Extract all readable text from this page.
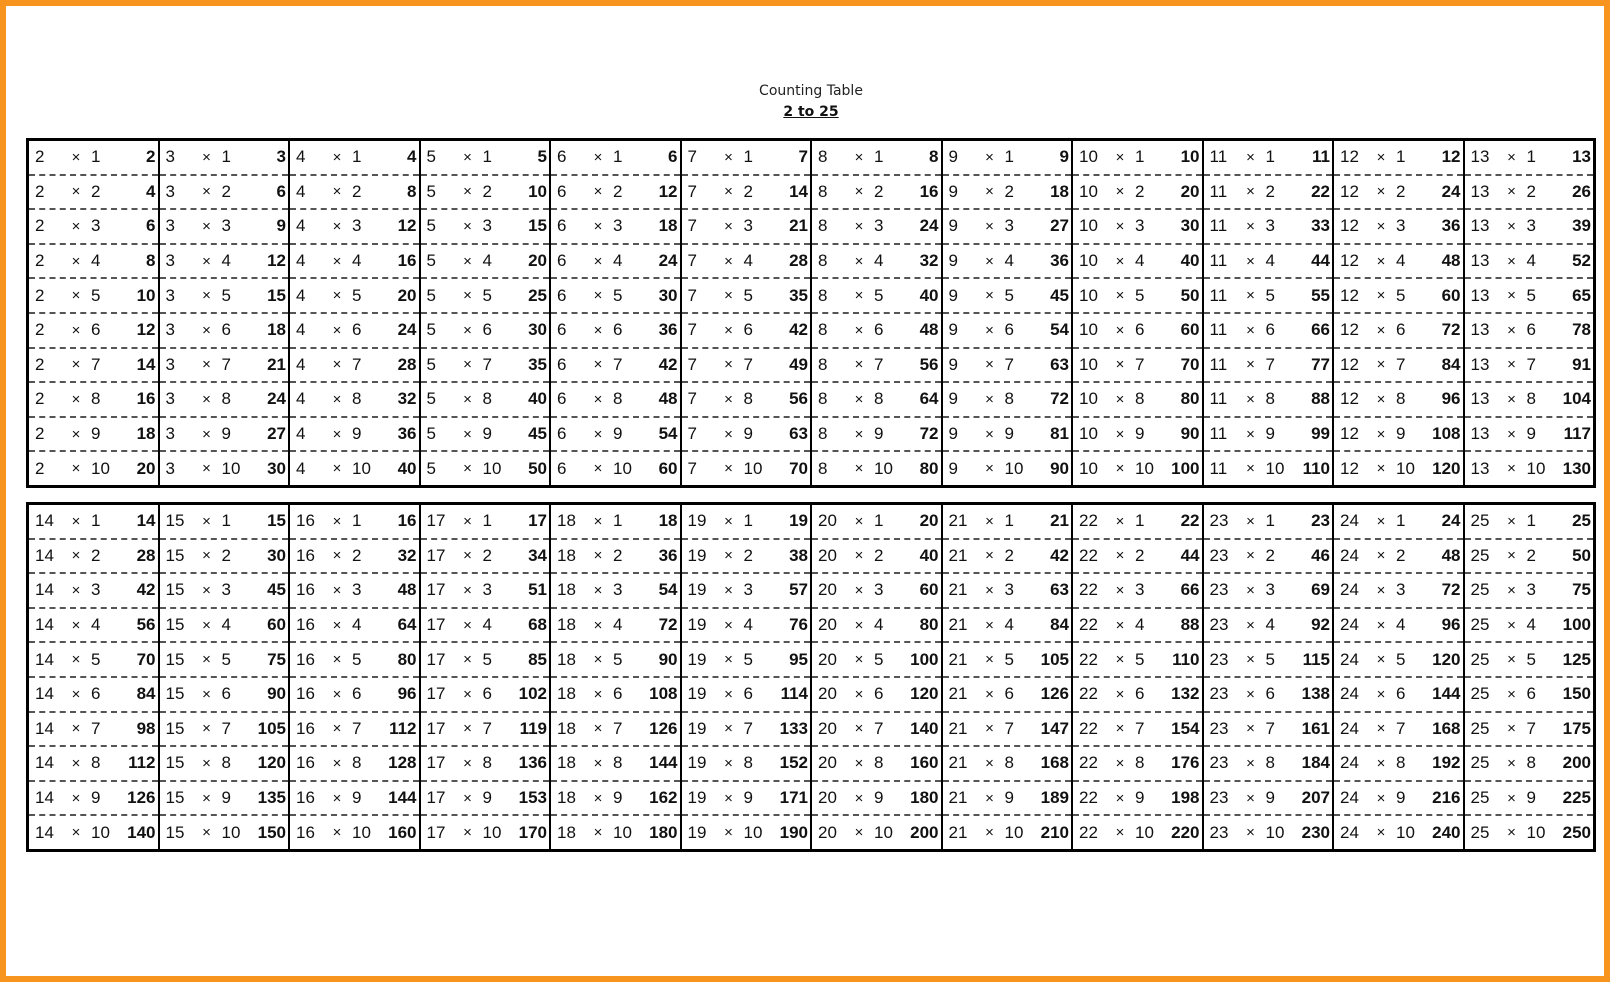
Counting Table
2 to 25
2	× 1	2
2	× 2	4
2	× 3	6
2	× 4	8
2	× 5	10
2	× 6	12
2	× 7	14
2	× 8	16
2	× 9	18
2	× 10	20
3	× 1	3
3	× 2	6
3	× 3	9
3	× 4	12
3	× 5	15
3	× 6	18
3	× 7	21
3	× 8	24
3	× 9	27
3	× 10	30
4	× 1	4
4	× 2	8
4	× 3	12
4	× 4	16
4	× 5	20
4	× 6	24
4	× 7	28
4	× 8	32
4	× 9	36
4	× 10	40
5	× 1	5
5	× 2	10
5	× 3	15
5	× 4	20
5	× 5	25
5	× 6	30
5	× 7	35
5	× 8	40
5	× 9	45
5	× 10	50
6	× 1	6
6	× 2	12
6	× 3	18
6	× 4	24
6	× 5	30
6	× 6	36
6	× 7	42
6	× 8	48
6	× 9	54
6	× 10	60
7	× 1	7
7	× 2	14
7	× 3	21
7	× 4	28
7	× 5	35
7	× 6	42
7	× 7	49
7	× 8	56
7	× 9	63
7	× 10	70
8	× 1	8
8	× 2	16
8	× 3	24
8	× 4	32
8	× 5	40
8	× 6	48
8	× 7	56
8	× 8	64
8	× 9	72
8	× 10	80
9	× 1	9
9	× 2	18
9	× 3	27
9	× 4	36
9	× 5	45
9	× 6	54
9	× 7	63
9	× 8	72
9	× 9	81
9	× 10	90
10	× 1	10
10	× 2	20
10	× 3	30
10	× 4	40
10	× 5	50
10	× 6	60
10	× 7	70
10	× 8	80
10	× 9	90
10	× 10	100
11	× 1	11
11	× 2	22
11	× 3	33
11	× 4	44
11	× 5	55
11	× 6	66
11	× 7	77
11	× 8	88
11	× 9	99
11	× 10	110
12	× 1	12
12	× 2	24
12	× 3	36
12	× 4	48
12	× 5	60
12	× 6	72
12	× 7	84
12	× 8	96
12	× 9	108
12	× 10	120
13	× 1	13
13	× 2	26
13	× 3	39
13	× 4	52
13	× 5	65
13	× 6	78
13	× 7	91
13	× 8	104
13	× 9	117
13	× 10	130
14	× 1	14
14	× 2	28
14	× 3	42
14	× 4	56
14	× 5	70
14	× 6	84
14	× 7	98
14	× 8	112
14	× 9	126
14	× 10	140
15	× 1	15
15	× 2	30
15	× 3	45
15	× 4	60
15	× 5	75
15	× 6	90
15	× 7	105
15	× 8	120
15	× 9	135
15	× 10	150
16	× 1	16
16	× 2	32
16	× 3	48
16	× 4	64
16	× 5	80
16	× 6	96
16	× 7	112
16	× 8	128
16	× 9	144
16	× 10	160
17	× 1	17
17	× 2	34
17	× 3	51
17	× 4	68
17	× 5	85
17	× 6	102
17	× 7	119
17	× 8	136
17	× 9	153
17	× 10	170
18	× 1	18
18	× 2	36
18	× 3	54
18	× 4	72
18	× 5	90
18	× 6	108
18	× 7	126
18	× 8	144
18	× 9	162
18	× 10	180
19	× 1	19
19	× 2	38
19	× 3	57
19	× 4	76
19	× 5	95
19	× 6	114
19	× 7	133
19	× 8	152
19	× 9	171
19	× 10	190
20	× 1	20
20	× 2	40
20	× 3	60
20	× 4	80
20	× 5	100
20	× 6	120
20	× 7	140
20	× 8	160
20	× 9	180
20	× 10	200
21	× 1	21
21	× 2	42
21	× 3	63
21	× 4	84
21	× 5	105
21	× 6	126
21	× 7	147
21	× 8	168
21	× 9	189
21	× 10	210
22	× 1	22
22	× 2	44
22	× 3	66
22	× 4	88
22	× 5	110
22	× 6	132
22	× 7	154
22	× 8	176
22	× 9	198
22	× 10	220
23	× 1	23
23	× 2	46
23	× 3	69
23	× 4	92
23	× 5	115
23	× 6	138
23	× 7	161
23	× 8	184
23	× 9	207
23	× 10	230
24	× 1	24
24	× 2	48
24	× 3	72
24	× 4	96
24	× 5	120
24	× 6	144
24	× 7	168
24	× 8	192
24	× 9	216
24	× 10	240
25	× 1	25
25	× 2	50
25	× 3	75
25	× 4	100
25	× 5	125
25	× 6	150
25	× 7	175
25	× 8	200
25	× 9	225
25	× 10	250
